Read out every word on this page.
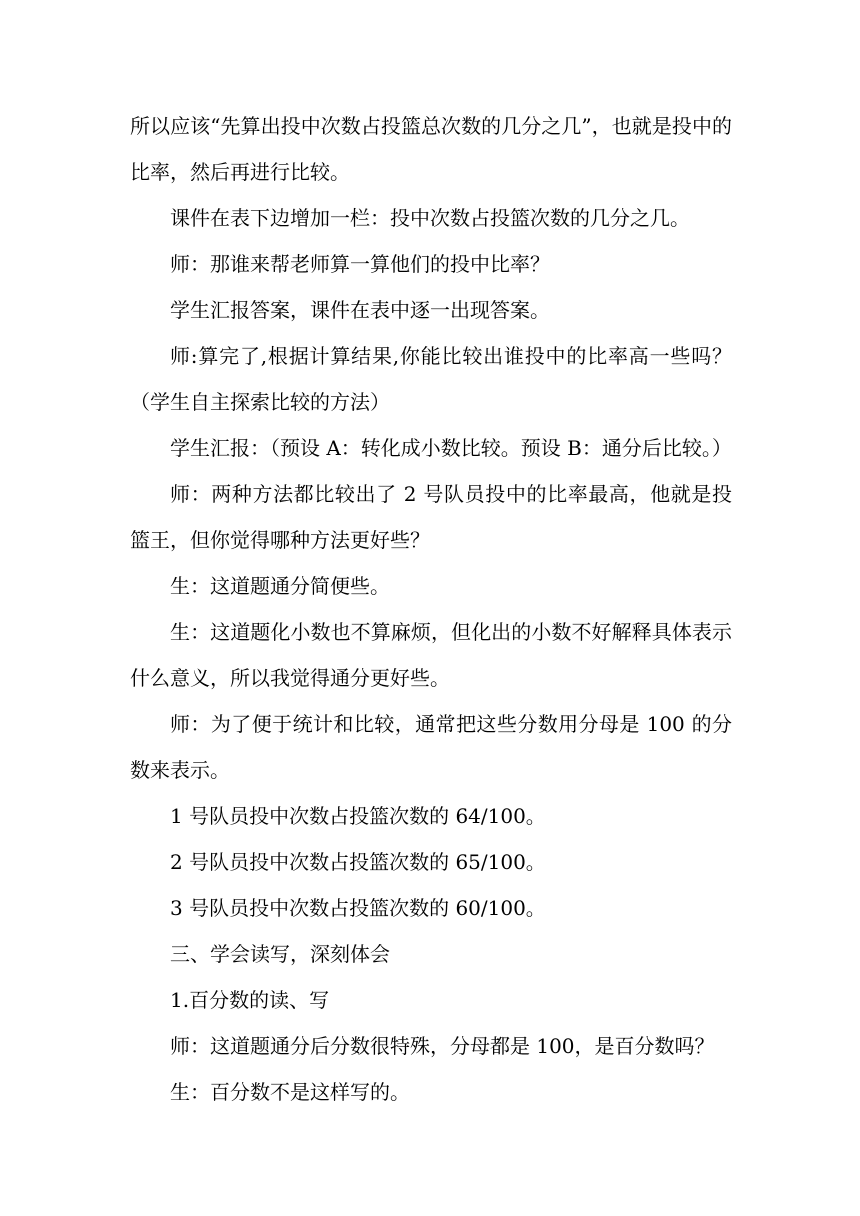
所以应该“先算出投中次数占投篮总次数的几分之几”，也就是投中的比率，然后再进行比较。

课件在表下边增加一栏：投中次数占投篮次数的几分之几。

师：那谁来帮老师算一算他们的投中比率？

学生汇报答案，课件在表中逐一出现答案。

师:算完了,根据计算结果,你能比较出谁投中的比率高一些吗？（学生自主探索比较的方法）

学生汇报：（预设 A：转化成小数比较。预设 B：通分后比较。）

师：两种方法都比较出了 2 号队员投中的比率最高，他就是投篮王，但你觉得哪种方法更好些？

生：这道题通分简便些。

生：这道题化小数也不算麻烦，但化出的小数不好解释具体表示什么意义，所以我觉得通分更好些。

师：为了便于统计和比较，通常把这些分数用分母是 100 的分数来表示。

1 号队员投中次数占投篮次数的 64/100。

2 号队员投中次数占投篮次数的 65/100。

3 号队员投中次数占投篮次数的 60/100。

三、学会读写，深刻体会

1.百分数的读、写

师：这道题通分后分数很特殊，分母都是 100，是百分数吗？

生：百分数不是这样写的。
